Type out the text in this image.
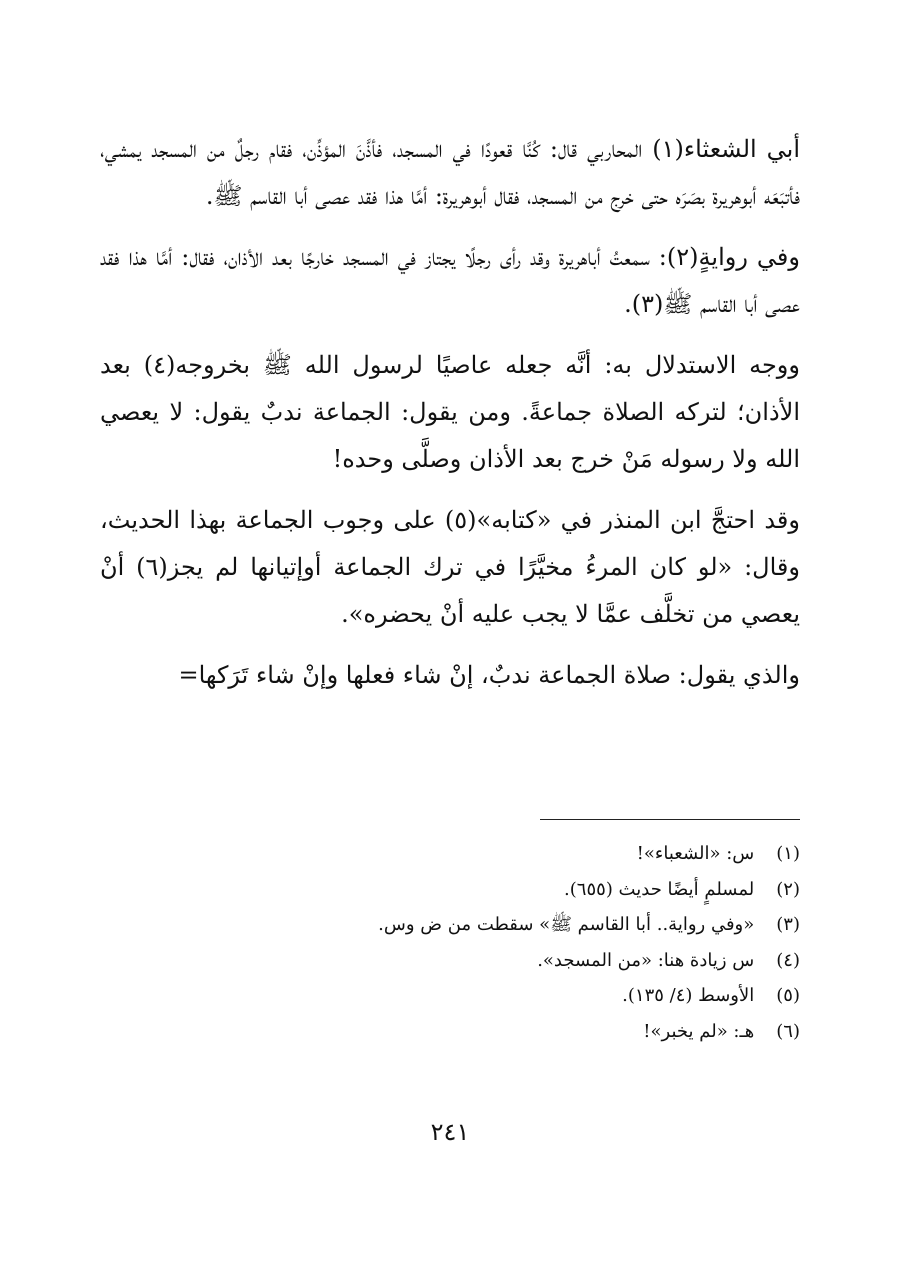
أبي الشعثاء(١) المحاربي قال: كُنَّا قعودًا في المسجد، فأذَّنَ المؤذِّن، فقام رجلٌ من المسجد يمشي، فأتبَعَه أبوهريرة بصَرَه حتى خرج من المسجد، فقال أبوهريرة: أمَّا هذا فقد عصى أبا القاسم ﷺ.

وفي روايةٍ(٢): سمعتُ أباهريرة وقد رأى رجلًا يجتاز في المسجد خارجًا بعد الأذان، فقال: أمَّا هذا فقد عصى أبا القاسم ﷺ(٣).

ووجه الاستدلال به: أنَّه جعله عاصيًا لرسول الله ﷺ بخروجه(٤) بعد الأذان؛ لتركه الصلاة جماعةً. ومن يقول: الجماعة ندبٌ يقول: لا يعصي الله ولا رسوله مَنْ خرج بعد الأذان وصلَّى وحده!

وقد احتجَّ ابن المنذر في «كتابه»(٥) على وجوب الجماعة بهذا الحديث، وقال: «لو كان المرءُ مخيَّرًا في ترك الجماعة أوإتيانها لم يجز(٦) أنْ يعصي من تخلَّف عمَّا لا يجب عليه أنْ يحضره».

والذي يقول: صلاة الجماعة ندبٌ، إنْ شاء فعلها وإنْ شاء تَرَكها=

(١) س: «الشعباء»!
(٢) لمسلمٍ أيضًا حديث (٦٥٥).
(٣) «وفي رواية.. أبا القاسم ﷺ» سقطت من ض وس.
(٤) س زيادة هنا: «من المسجد».
(٥) الأوسط (٤/ ١٣٥).
(٦) هـ: «لم يخبر»!
٢٤١
